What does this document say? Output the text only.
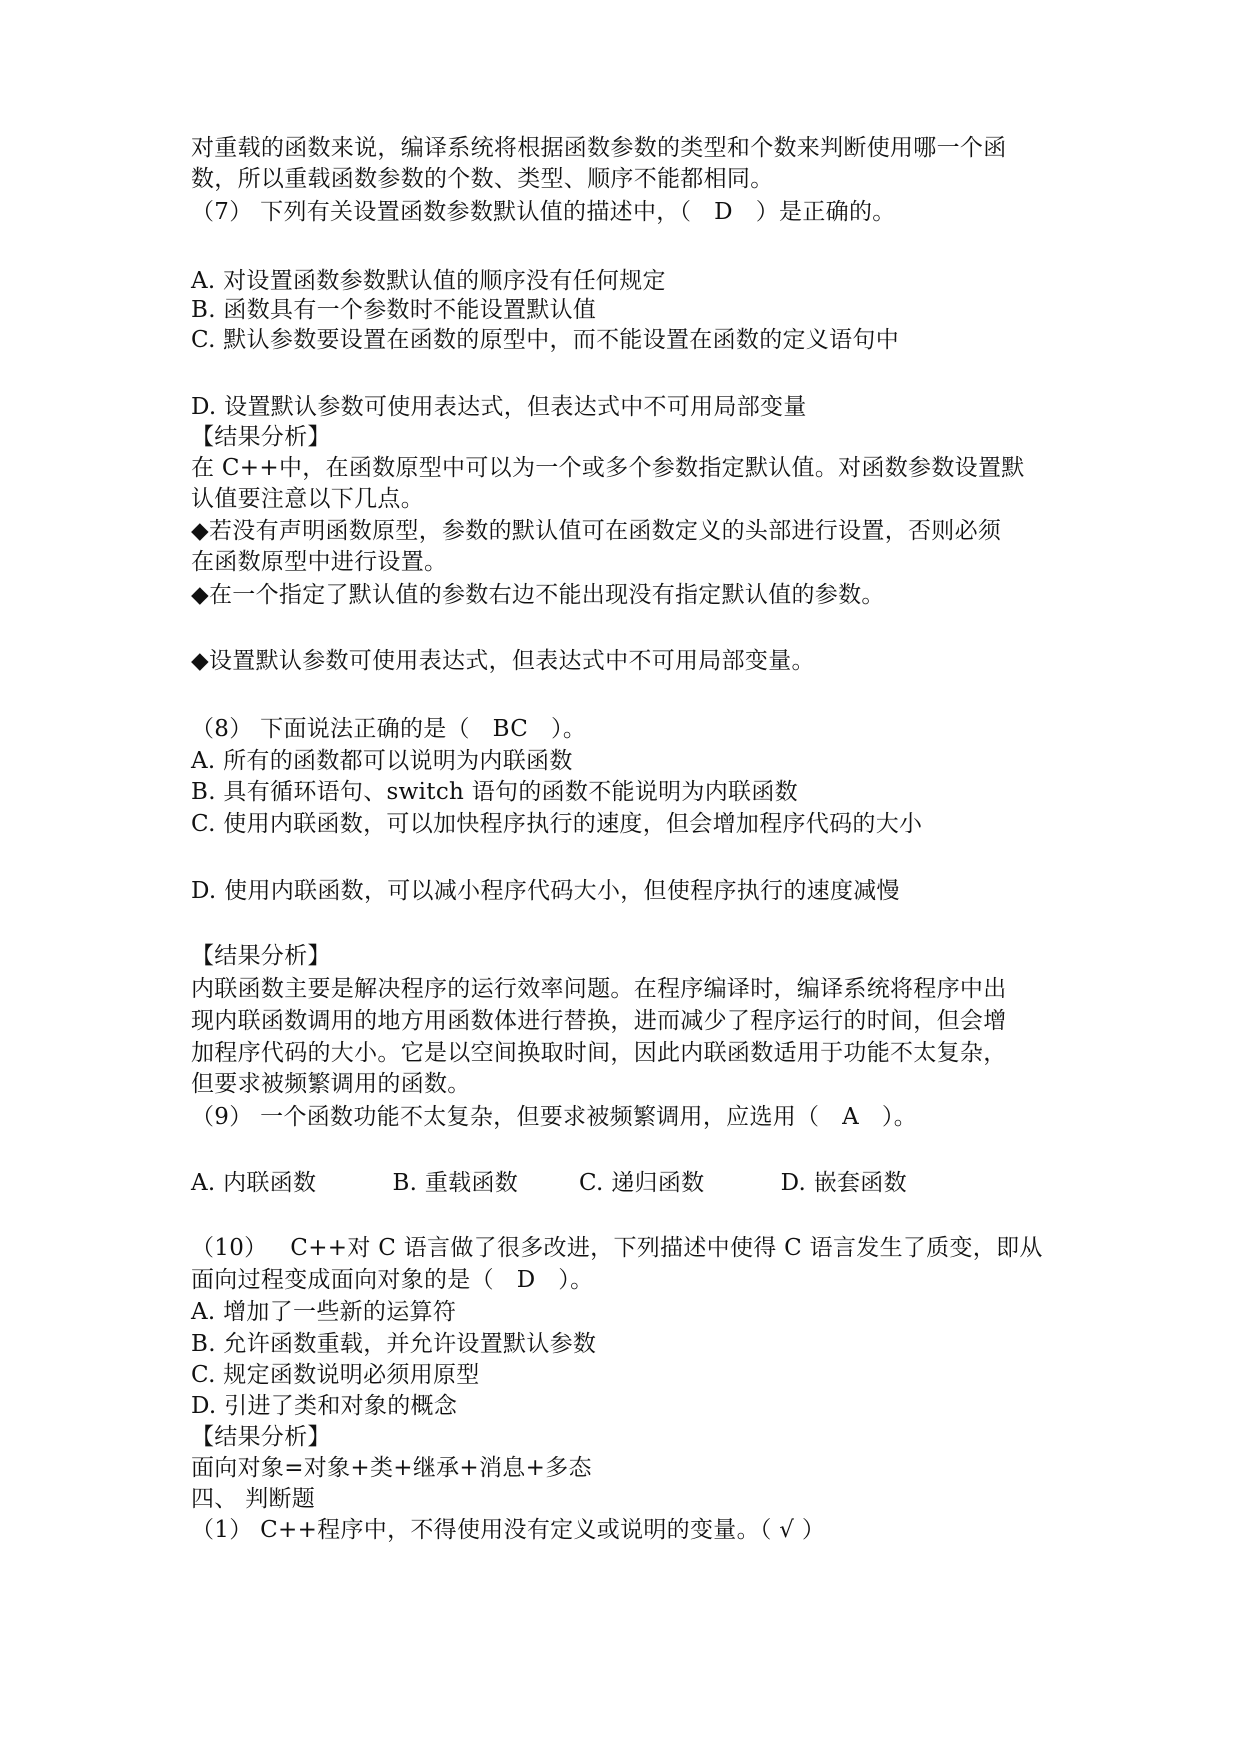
对重载的函数来说，编译系统将根据函数参数的类型和个数来判断使用哪一个函
数，所以重载函数参数的个数、类型、顺序不能都相同。
（7） 下列有关设置函数参数默认值的描述中，（   D   ）是正确的。
A. 对设置函数参数默认值的顺序没有任何规定
B. 函数具有一个参数时不能设置默认值
C. 默认参数要设置在函数的原型中，而不能设置在函数的定义语句中
D. 设置默认参数可使用表达式，但表达式中不可用局部变量
【结果分析】
在 C++中，在函数原型中可以为一个或多个参数指定默认值。对函数参数设置默
认值要注意以下几点。
◆若没有声明函数原型，参数的默认值可在函数定义的头部进行设置，否则必须
在函数原型中进行设置。
◆在一个指定了默认值的参数右边不能出现没有指定默认值的参数。
◆设置默认参数可使用表达式，但表达式中不可用局部变量。
（8） 下面说法正确的是（   BC   ）。
A. 所有的函数都可以说明为内联函数
B. 具有循环语句、switch 语句的函数不能说明为内联函数
C. 使用内联函数，可以加快程序执行的速度，但会增加程序代码的大小
D. 使用内联函数，可以减小程序代码大小，但使程序执行的速度减慢
【结果分析】
内联函数主要是解决程序的运行效率问题。在程序编译时，编译系统将程序中出
现内联函数调用的地方用函数体进行替换，进而减少了程序运行的时间，但会增
加程序代码的大小。它是以空间换取时间，因此内联函数适用于功能不太复杂，
但要求被频繁调用的函数。
（9） 一个函数功能不太复杂，但要求被频繁调用，应选用（   A   ）。
A. 内联函数          B. 重载函数        C. 递归函数          D. 嵌套函数
（10）   C++对 C 语言做了很多改进，下列描述中使得 C 语言发生了质变，即从
面向过程变成面向对象的是（   D   ）。
A. 增加了一些新的运算符
B. 允许函数重载，并允许设置默认参数
C. 规定函数说明必须用原型
D. 引进了类和对象的概念
【结果分析】
面向对象=对象+类+继承+消息+多态
四、 判断题
（1） C++程序中，不得使用没有定义或说明的变量。（ √ ）
